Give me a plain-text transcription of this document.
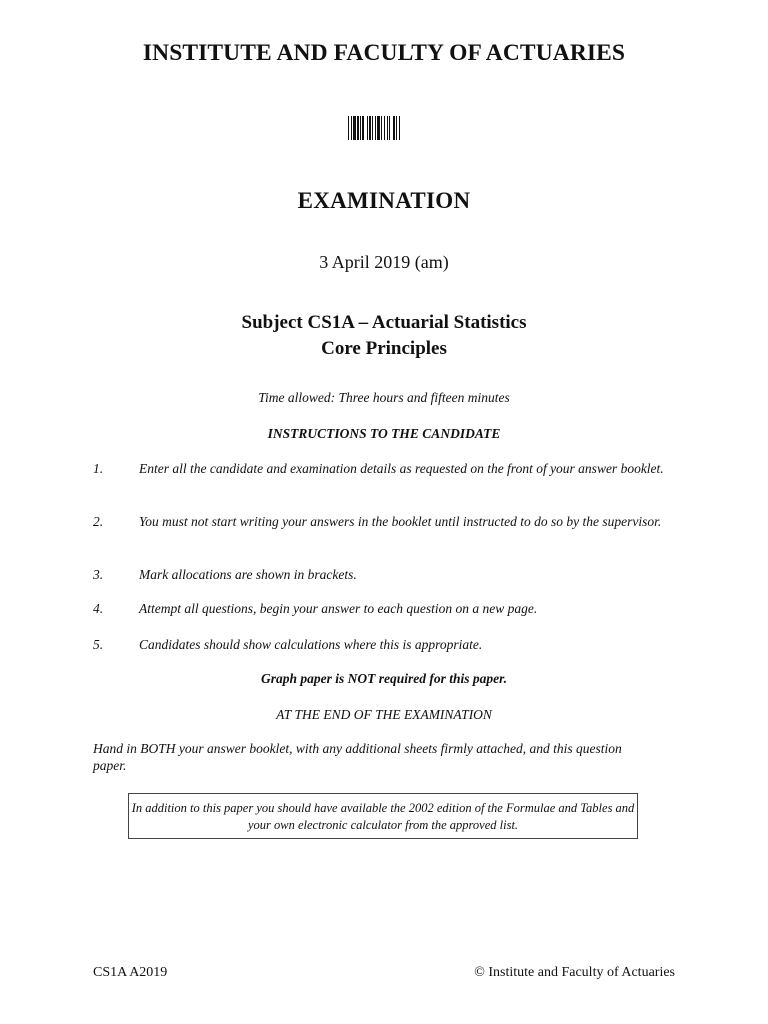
INSTITUTE AND FACULTY OF ACTUARIES
EXAMINATION
3 April 2019 (am)
Subject CS1A – Actuarial Statistics
Core Principles
Time allowed: Three hours and fifteen minutes
INSTRUCTIONS TO THE CANDIDATE
1.	Enter all the candidate and examination details as requested on the front of your answer booklet.
2.	You must not start writing your answers in the booklet until instructed to do so by the supervisor.
3.	Mark allocations are shown in brackets.
4.	Attempt all questions, begin your answer to each question on a new page.
5.	Candidates should show calculations where this is appropriate.
Graph paper is NOT required for this paper.
AT THE END OF THE EXAMINATION
Hand in BOTH your answer booklet, with any additional sheets firmly attached, and this question paper.
In addition to this paper you should have available the 2002 edition of the Formulae and Tables and your own electronic calculator from the approved list.
CS1A A2019	© Institute and Faculty of Actuaries
